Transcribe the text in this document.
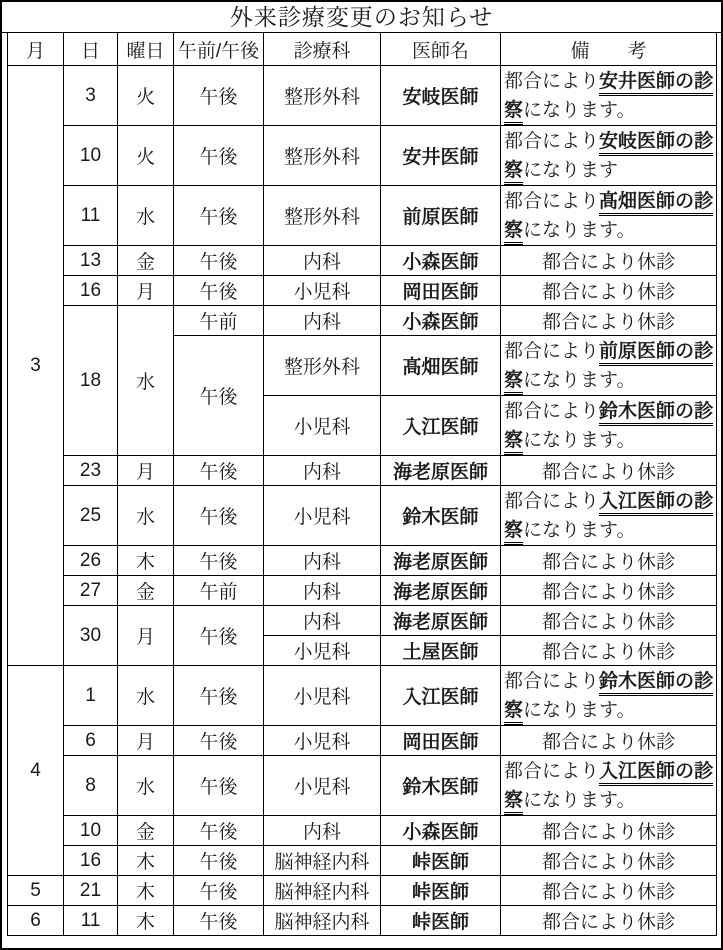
外来診療変更のお知らせ
月	日	曜日	午前/午後	診療科	医師名	備　　考
3	3	火	午後	整形外科	安岐医師	都合により安井医師の診察になります。
	10	火	午後	整形外科	安井医師	都合により安岐医師の診察になります
	11	水	午後	整形外科	前原医師	都合により髙畑医師の診察になります。
	13	金	午後	内科	小森医師	都合により休診
	16	月	午後	小児科	岡田医師	都合により休診
	18	水	午前	内科	小森医師	都合により休診
			午後	整形外科	髙畑医師	都合により前原医師の診察になります。
				小児科	入江医師	都合により鈴木医師の診察になります。
	23	月	午後	内科	海老原医師	都合により休診
	25	水	午後	小児科	鈴木医師	都合により入江医師の診察になります。
	26	木	午後	内科	海老原医師	都合により休診
	27	金	午前	内科	海老原医師	都合により休診
	30	月	午後	内科	海老原医師	都合により休診
				小児科	土屋医師	都合により休診
4	1	水	午後	小児科	入江医師	都合により鈴木医師の診察になります。
	6	月	午後	小児科	岡田医師	都合により休診
	8	水	午後	小児科	鈴木医師	都合により入江医師の診察になります。
	10	金	午後	内科	小森医師	都合により休診
	16	木	午後	脳神経内科	峠医師	都合により休診
5	21	木	午後	脳神経内科	峠医師	都合により休診
6	11	木	午後	脳神経内科	峠医師	都合により休診
